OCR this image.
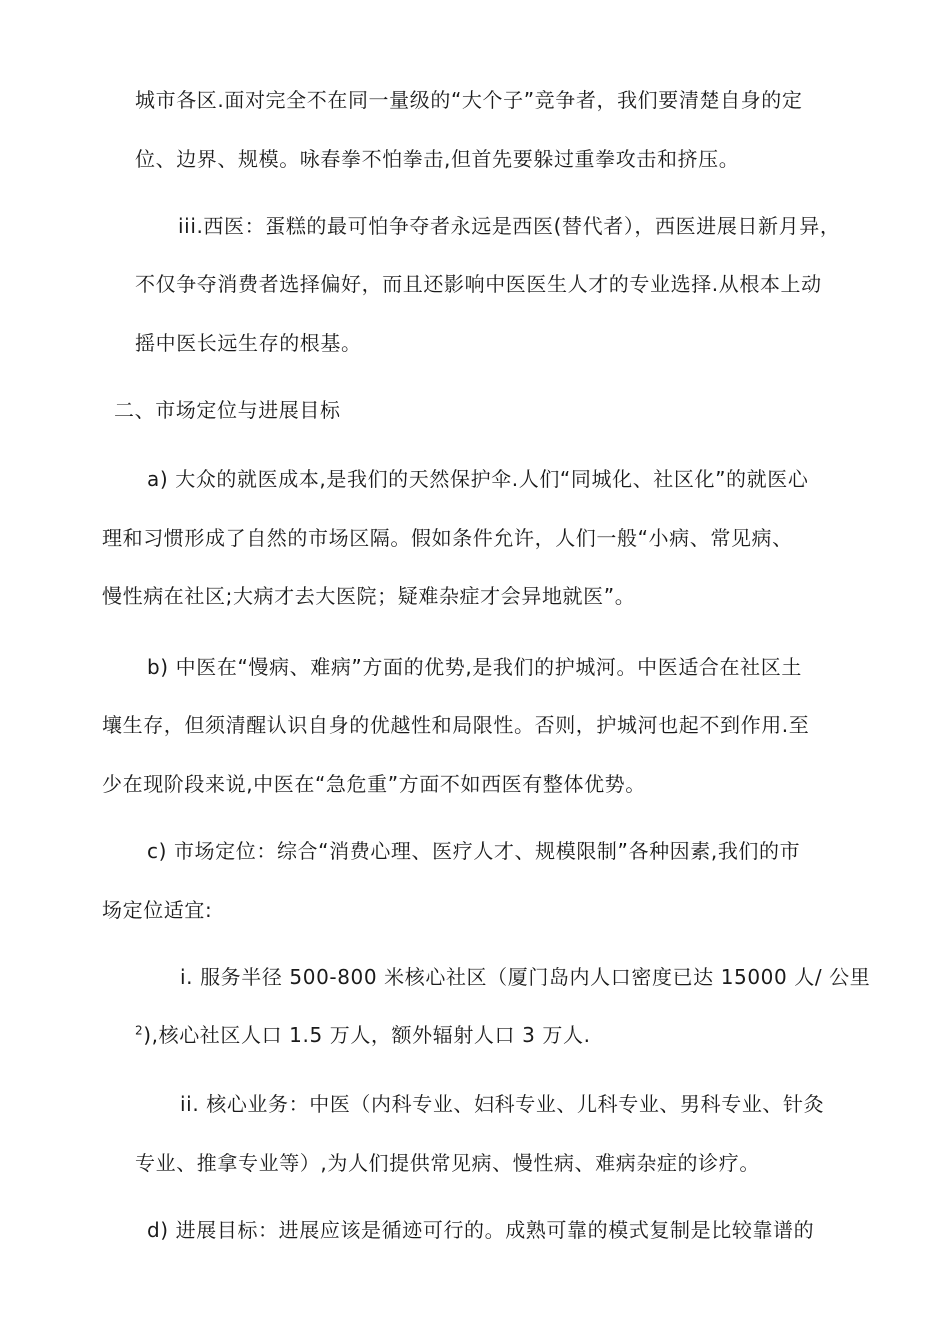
城市各区.面对完全不在同一量级的“大个子”竞争者，我们要清楚自身的定
位、边界、规模。咏春拳不怕拳击,但首先要躲过重拳攻击和挤压。
iii.西医：蛋糕的最可怕争夺者永远是西医(替代者），西医进展日新月异，
不仅争夺消费者选择偏好，而且还影响中医医生人才的专业选择.从根本上动
摇中医长远生存的根基。
二、市场定位与进展目标
a) 大众的就医成本,是我们的天然保护伞.人们“同城化、社区化”的就医心
理和习惯形成了自然的市场区隔。假如条件允许，人们一般“小病、常见病、
慢性病在社区;大病才去大医院；疑难杂症才会异地就医”。
b) 中医在“慢病、难病”方面的优势,是我们的护城河。中医适合在社区土
壤生存，但须清醒认识自身的优越性和局限性。否则，护城河也起不到作用.至
少在现阶段来说,中医在“急危重”方面不如西医有整体优势。
c) 市场定位：综合“消费心理、医疗人才、规模限制”各种因素,我们的市
场定位适宜:
i. 服务半径 500-800 米核心社区（厦门岛内人口密度已达 15000 人/ 公里
$^2$),核心社区人口 1.5 万人，额外辐射人口 3 万人.
ii. 核心业务：中医（内科专业、妇科专业、儿科专业、男科专业、针灸
专业、推拿专业等）,为人们提供常见病、慢性病、难病杂症的诊疗。
d) 进展目标：进展应该是循迹可行的。成熟可靠的模式复制是比较靠谱的
